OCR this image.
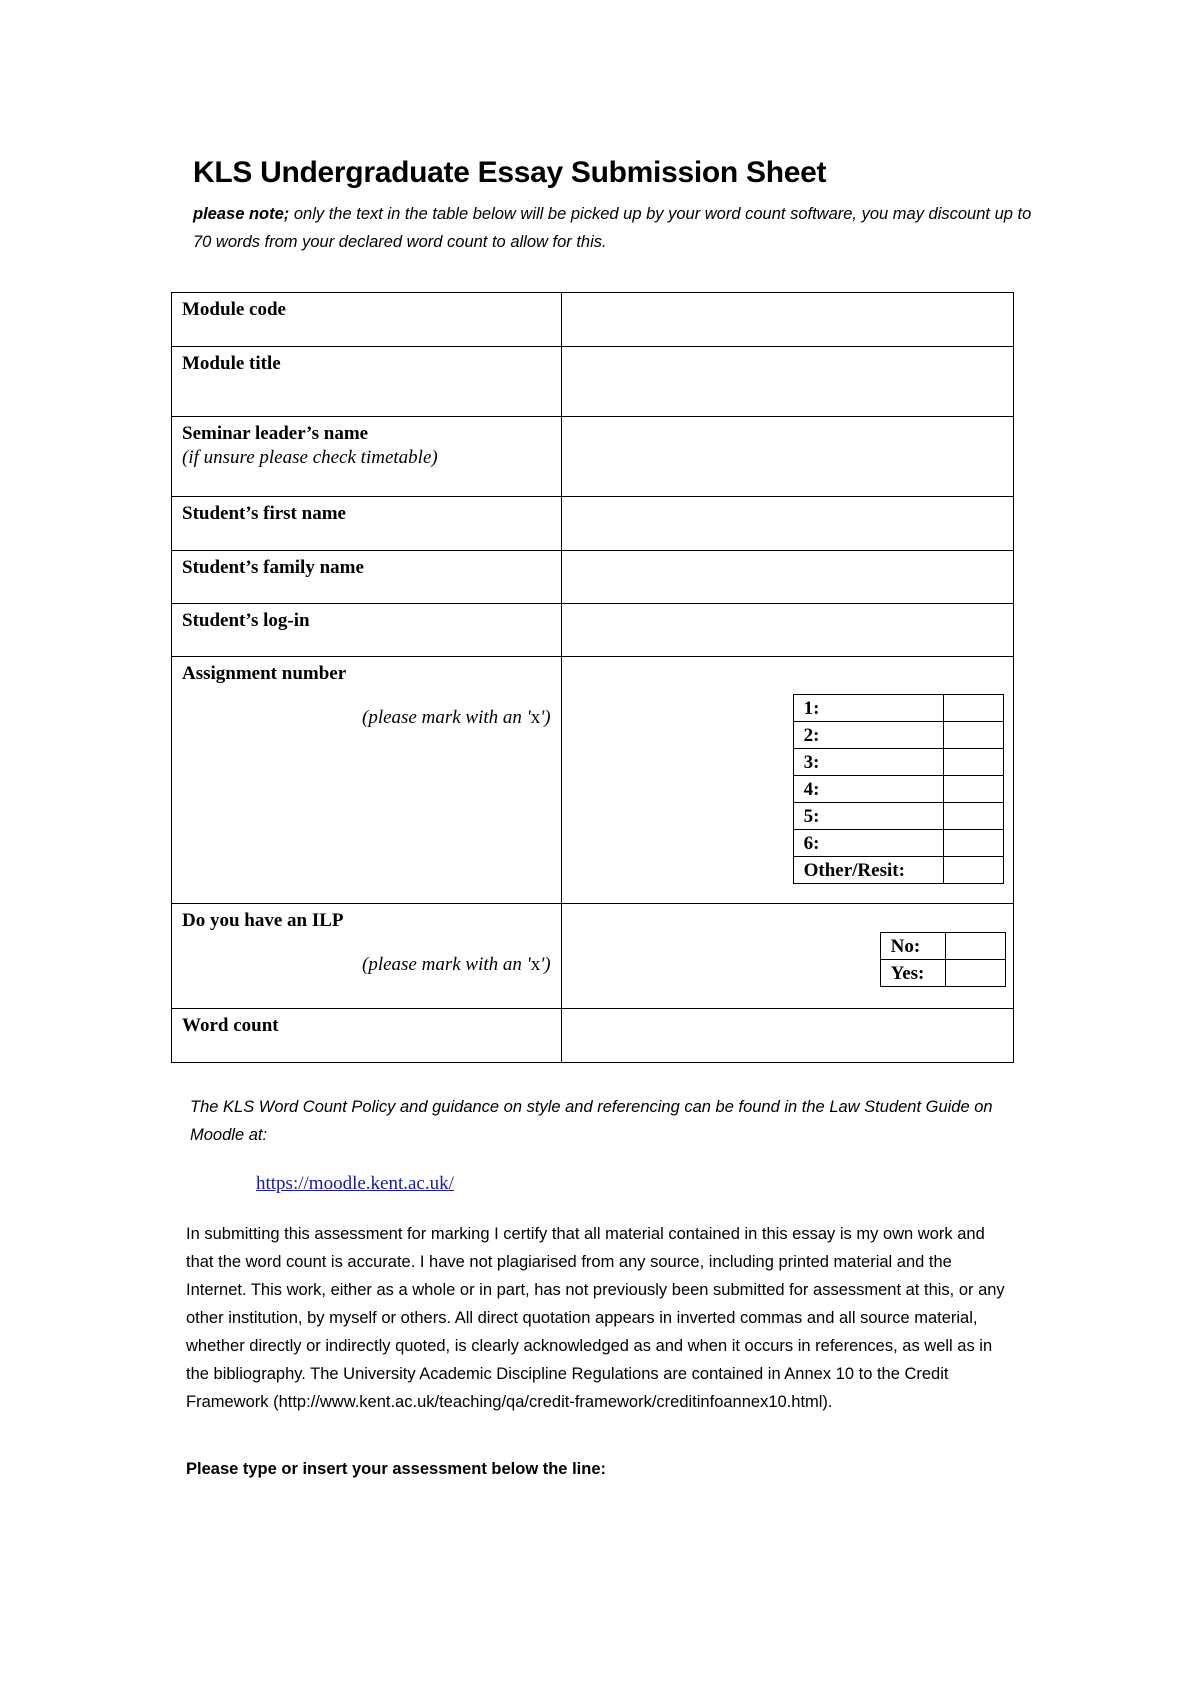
KLS Undergraduate Essay Submission Sheet
please note; only the text in the table below will be picked up by your word count software, you may discount up to 70 words from your declared word count to allow for this.
Module code	
Module title	
Seminar leader’s name
(if unsure please check timetable)

Student’s first name	
Student’s family name	
Student’s log-in	
Assignment number
(please mark with an 'x')
		1:	
2:	
3:	
4:	
5:	
6:	
Other/Resit:	

Do you have an ILP
(please mark with an 'x')

No:	
Yes:	

Word count	
The KLS Word Count Policy and guidance on style and referencing can be found in the Law Student Guide on Moodle at:
https://moodle.kent.ac.uk/
In submitting this assessment for marking I certify that all material contained in this essay is my own work and that the word count is accurate. I have not plagiarised from any source, including printed material and the Internet. This work, either as a whole or in part, has not previously been submitted for assessment at this, or any other institution, by myself or others. All direct quotation appears in inverted commas and all source material, whether directly or indirectly quoted, is clearly acknowledged as and when it occurs in references, as well as in the bibliography. The University Academic Discipline Regulations are contained in Annex 10 to the Credit Framework (http://www.kent.ac.uk/teaching/qa/credit-framework/creditinfoannex10.html).
Please type or insert your assessment below the line:
